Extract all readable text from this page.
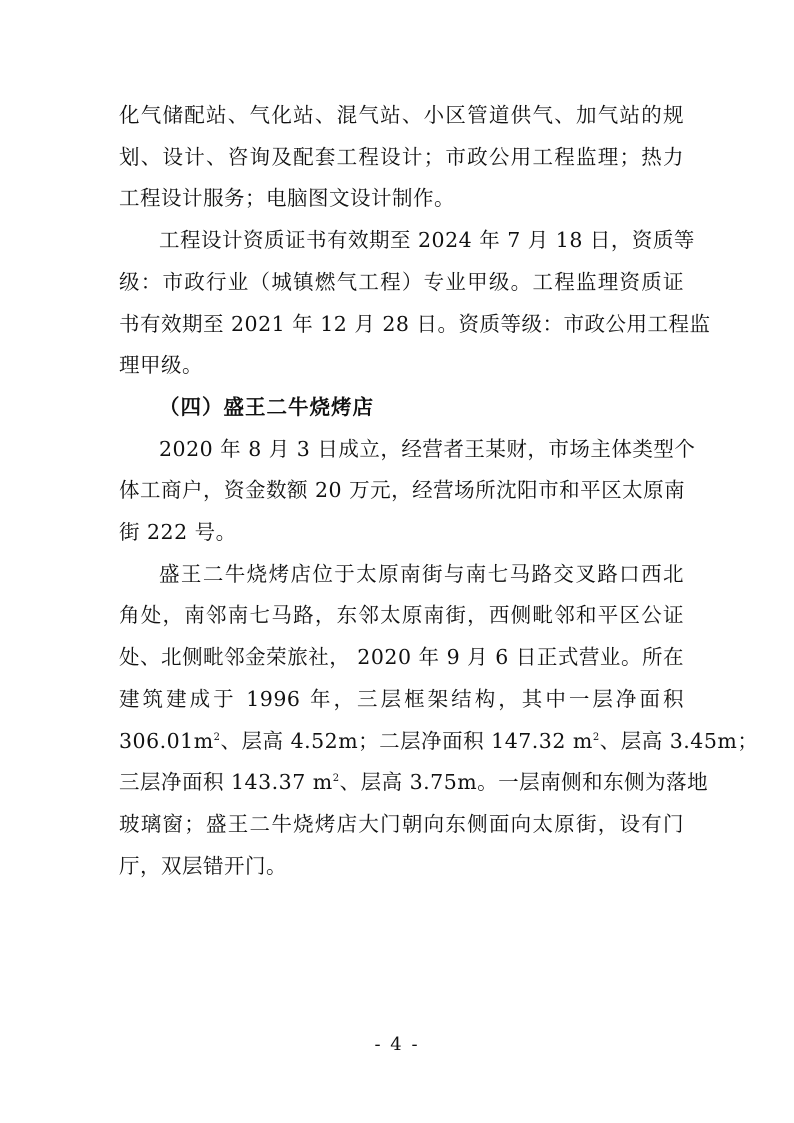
化气储配站、气化站、混气站、小区管道供气、加气站的规
划、设计、咨询及配套工程设计；市政公用工程监理；热力
工程设计服务；电脑图文设计制作。
工程设计资质证书有效期至 2024 年 7 月 18 日，资质等
级：市政行业（城镇燃气工程）专业甲级。工程监理资质证
书有效期至 2021 年 12 月 28 日。资质等级：市政公用工程监
理甲级。
（四）盛王二牛烧烤店
2020 年 8 月 3 日成立，经营者王某财，市场主体类型个
体工商户，资金数额 20 万元，经营场所沈阳市和平区太原南
街 222 号。
盛王二牛烧烤店位于太原南街与南七马路交叉路口西北
角处，南邻南七马路，东邻太原南街，西侧毗邻和平区公证
处、北侧毗邻金荣旅社， 2020 年 9 月 6 日正式营业。所在
建筑建成于 1996 年，三层框架结构，其中一层净面积
$306.01m^2$、层高 4.52m；二层净面积 147.32 $m^2$、层高 3.45m；
三层净面积 143.37 $m^2$、层高 3.75m。一层南侧和东侧为落地
玻璃窗；盛王二牛烧烤店大门朝向东侧面向太原街，设有门
厅，双层错开门。
- 4 -
